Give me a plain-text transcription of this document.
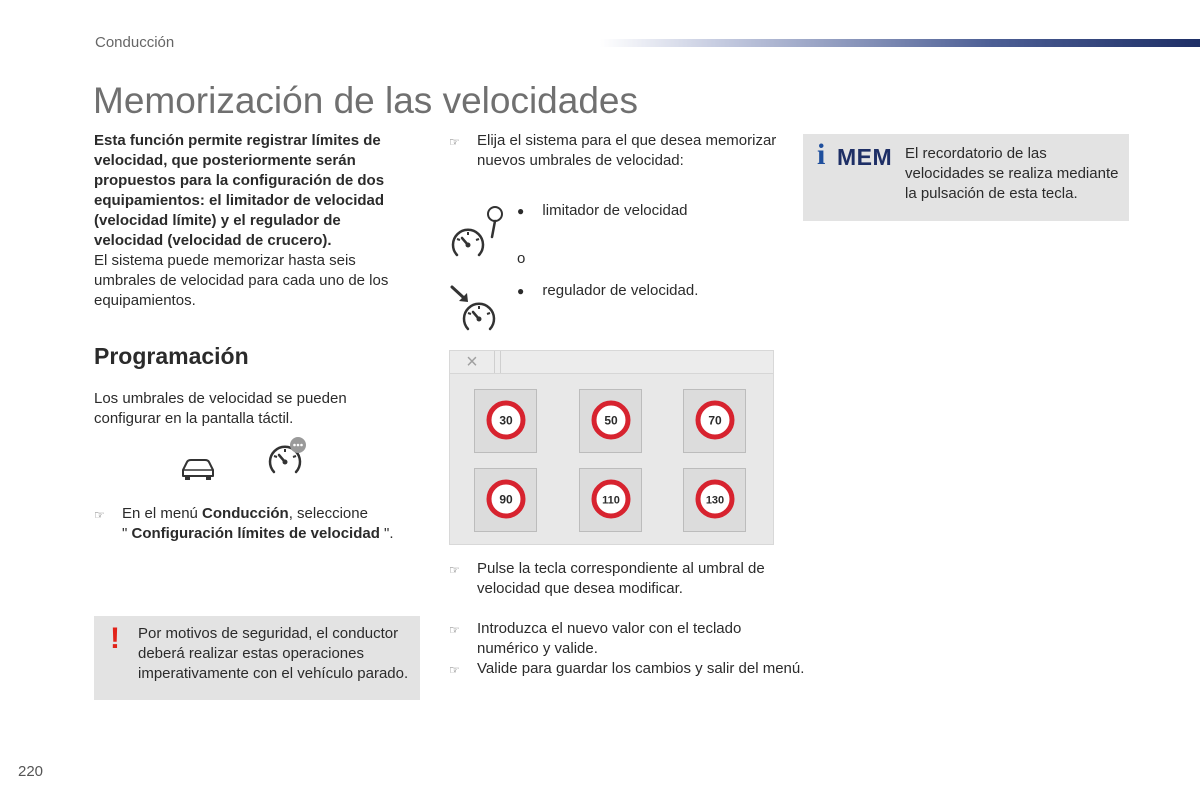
Conducción
Memorización de las velocidades
Esta función permite registrar límites de velocidad, que posteriormente serán propuestos para la configuración de dos equipamientos: el limitador de velocidad (velocidad límite) y el regulador de velocidad (velocidad de crucero).
El sistema puede memorizar hasta seis umbrales de velocidad para cada uno de los equipamientos.
Programación
Los umbrales de velocidad se pueden configurar en la pantalla táctil.
☞ En el menú Conducción, seleccione
" Configuración límites de velocidad ".
! Por motivos de seguridad, el conductor deberá realizar estas operaciones imperativamente con el vehículo parado.
☞ Elija el sistema para el que desea memorizar nuevos umbrales de velocidad:
● limitador de velocidad
o
● regulador de velocidad.
×
30	50	70
90	110	130
☞ Pulse la tecla correspondiente al umbral de velocidad que desea modificar.
☞ Introduzca el nuevo valor con el teclado numérico y valide.
☞ Valide para guardar los cambios y salir del menú.
i MEM El recordatorio de las velocidades se realiza mediante la pulsación de esta tecla.
220
